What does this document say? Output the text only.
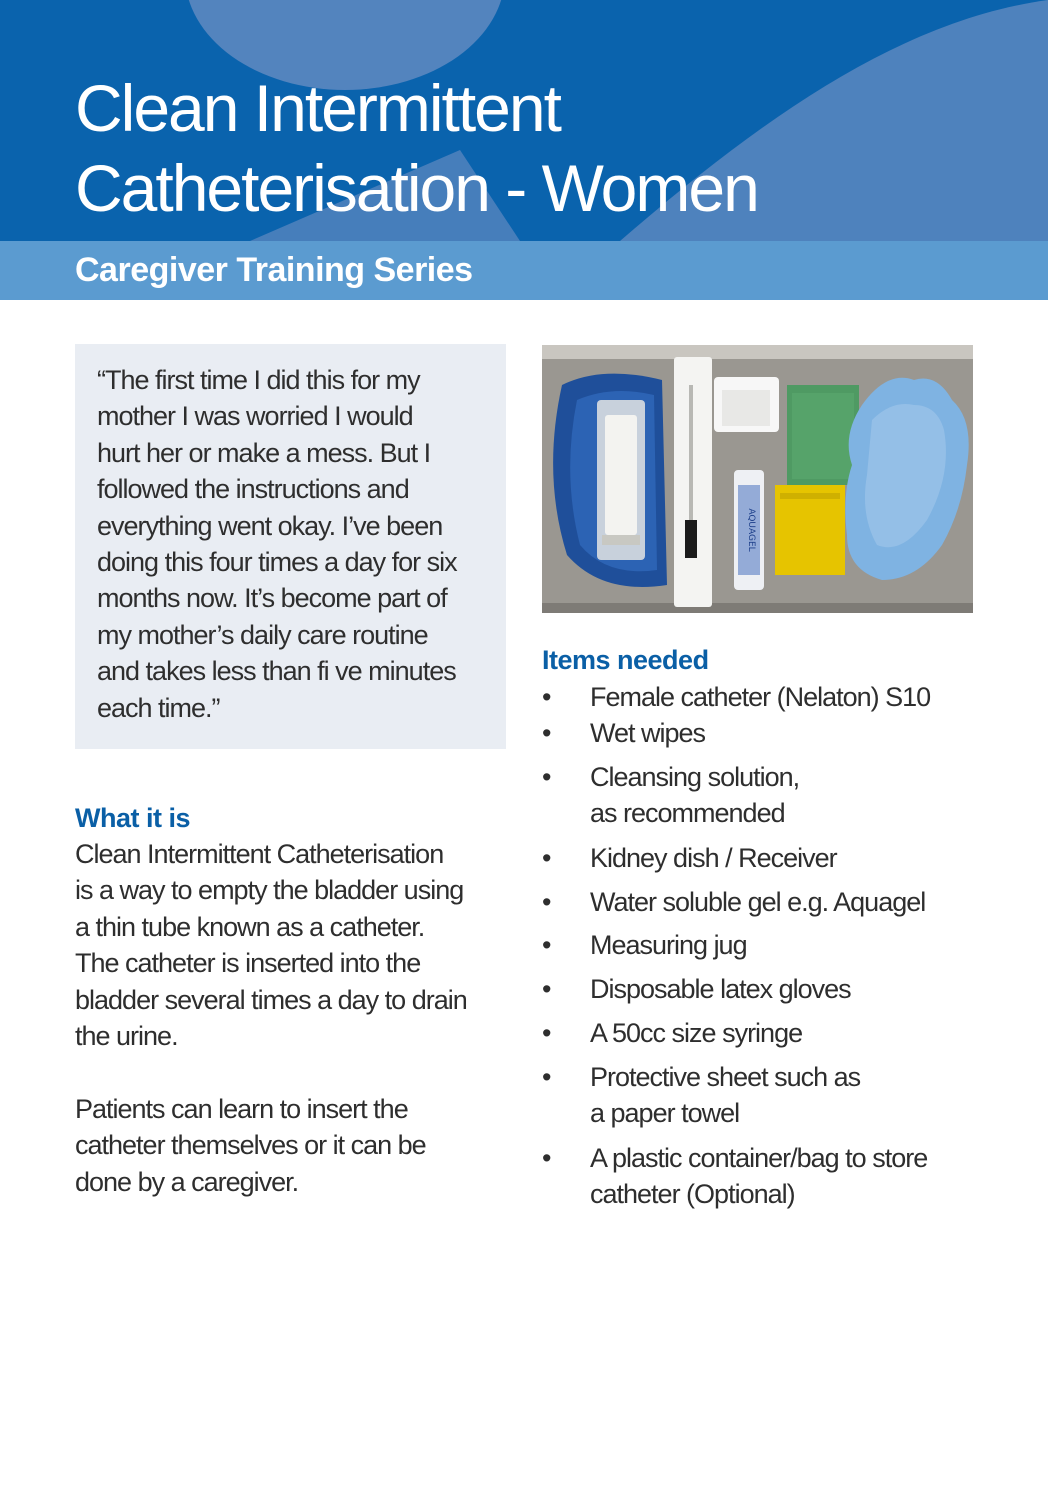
Clean Intermittent
Catheterisation - Women
Caregiver Training Series

“The first time I did this for my
mother I was worried I would
hurt her or make a mess. But I
followed the instructions and
everything went okay. I’ve been
doing this four times a day for six
months now. It’s become part of
my mother’s daily care routine
and takes less than fi ve minutes
each time.”

What it is

Clean Intermittent Catheterisation
is a way to empty the bladder using
a thin tube known as a catheter.
The catheter is inserted into the
bladder several times a day to drain
the urine.

Patients can learn to insert the
catheter themselves or it can be
done by a caregiver.

AQUAGEL
Items needed
• Female catheter (Nelaton) S10
• Wet wipes
• Cleansing solution,
as recommended
• Kidney dish / Receiver
• Water soluble gel e.g. Aquagel
• Measuring jug
• Disposable latex gloves
• A 50cc size syringe
• Protective sheet such as
a paper towel
• A plastic container/bag to store
catheter (Optional)
